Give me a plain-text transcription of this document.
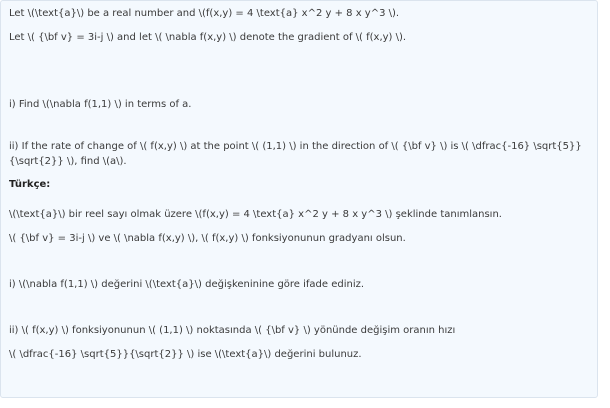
Let \(\text{a}\) be a real number and \(f(x,y) = 4 \text{a} x^2 y + 8 x y^3 \).
Let \( {\bf v} = 3i-j \) and let \( \nabla f(x,y) \) denote the gradient of \( f(x,y) \).
i) Find \(\nabla f(1,1) \) in terms of a.
ii) If the rate of change of \( f(x,y) \) at the point \( (1,1) \) in the direction of \( {\bf v} \) is \( \dfrac{-16} \sqrt{5}}
{\sqrt{2}} \), find \(a\).
Türkçe:
\(\text{a}\) bir reel sayı olmak üzere \(f(x,y) = 4 \text{a} x^2 y + 8 x y^3 \) şeklinde tanımlansın.
\( {\bf v} = 3i-j \) ve \( \nabla f(x,y) \), \( f(x,y) \) fonksiyonunun gradyanı olsun.
i) \(\nabla f(1,1) \) değerini \(\text{a}\) değişkeninine göre ifade ediniz.
ii) \( f(x,y) \) fonksiyonunun \( (1,1) \) noktasında \( {\bf v} \) yönünde değişim oranın hızı
\( \dfrac{-16} \sqrt{5}}{\sqrt{2}} \) ise \(\text{a}\) değerini bulunuz.
